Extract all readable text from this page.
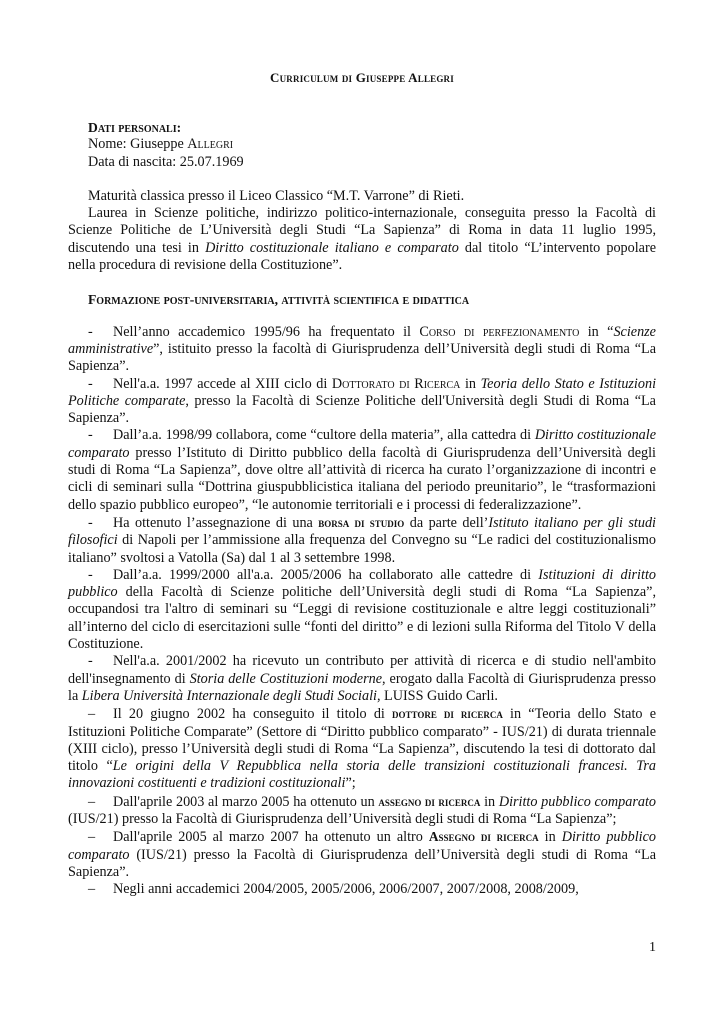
Curriculum di Giuseppe Allegri
Dati personali:
Nome: Giuseppe Allegri
Data di nascita: 25.07.1969
Maturità classica presso il Liceo Classico “M.T. Varrone” di Rieti.
Laurea in Scienze politiche, indirizzo politico-internazionale, conseguita presso la Facoltà di Scienze Politiche de L’Università degli Studi “La Sapienza” di Roma in data 11 luglio 1995, discutendo una tesi in Diritto costituzionale italiano e comparato dal titolo “L’intervento popolare nella procedura di revisione della Costituzione”.
Formazione post-universitaria, attività scientifica e didattica
- Nell’anno accademico 1995/96 ha frequentato il Corso di perfezionamento in “Scienze amministrative”, istituito presso la facoltà di Giurisprudenza dell’Università degli studi di Roma “La Sapienza”.
- Nell'a.a. 1997 accede al XIII ciclo di Dottorato di Ricerca in Teoria dello Stato e Istituzioni Politiche comparate, presso la Facoltà di Scienze Politiche dell'Università degli Studi di Roma “La Sapienza”.
- Dall’a.a. 1998/99 collabora, come “cultore della materia”, alla cattedra di Diritto costituzionale comparato presso l’Istituto di Diritto pubblico della facoltà di Giurisprudenza dell’Università degli studi di Roma “La Sapienza”, dove oltre all’attività di ricerca ha curato l’organizzazione di incontri e cicli di seminari sulla “Dottrina giuspubblicistica italiana del periodo preunitario”, le “trasformazioni dello spazio pubblico europeo”, “le autonomie territoriali e i processi di federalizzazione”.
- Ha ottenuto l’assegnazione di una borsa di studio da parte dell’Istituto italiano per gli studi filosofici di Napoli per l’ammissione alla frequenza del Convegno su “Le radici del costituzionalismo italiano” svoltosi a Vatolla (Sa) dal 1 al 3 settembre 1998.
- Dall’a.a. 1999/2000 all'a.a. 2005/2006 ha collaborato alle cattedre di Istituzioni di diritto pubblico della Facoltà di Scienze politiche dell’Università degli studi di Roma “La Sapienza”, occupandosi tra l'altro di seminari su “Leggi di revisione costituzionale e altre leggi costituzionali” all’interno del ciclo di esercitazioni sulle “fonti del diritto” e di lezioni sulla Riforma del Titolo V della Costituzione.
- Nell'a.a. 2001/2002 ha ricevuto un contributo per attività di ricerca e di studio nell'ambito dell'insegnamento di Storia delle Costituzioni moderne, erogato dalla Facoltà di Giurisprudenza presso la Libera Università Internazionale degli Studi Sociali, LUISS Guido Carli.
– Il 20 giugno 2002 ha conseguito il titolo di dottore di ricerca in “Teoria dello Stato e Istituzioni Politiche Comparate” (Settore di “Diritto pubblico comparato” - IUS/21) di durata triennale (XIII ciclo), presso l’Università degli studi di Roma “La Sapienza”, discutendo la tesi di dottorato dal titolo “Le origini della V Repubblica nella storia delle transizioni costituzionali francesi. Tra innovazioni costituenti e tradizioni costituzionali”;
– Dall'aprile 2003 al marzo 2005 ha ottenuto un assegno di ricerca in Diritto pubblico comparato (IUS/21) presso la Facoltà di Giurisprudenza dell’Università degli studi di Roma “La Sapienza”;
– Dall'aprile 2005 al marzo 2007 ha ottenuto un altro Assegno di ricerca in Diritto pubblico comparato (IUS/21) presso la Facoltà di Giurisprudenza dell’Università degli studi di Roma “La Sapienza”.
– Negli anni accademici 2004/2005, 2005/2006, 2006/2007, 2007/2008, 2008/2009,
1
